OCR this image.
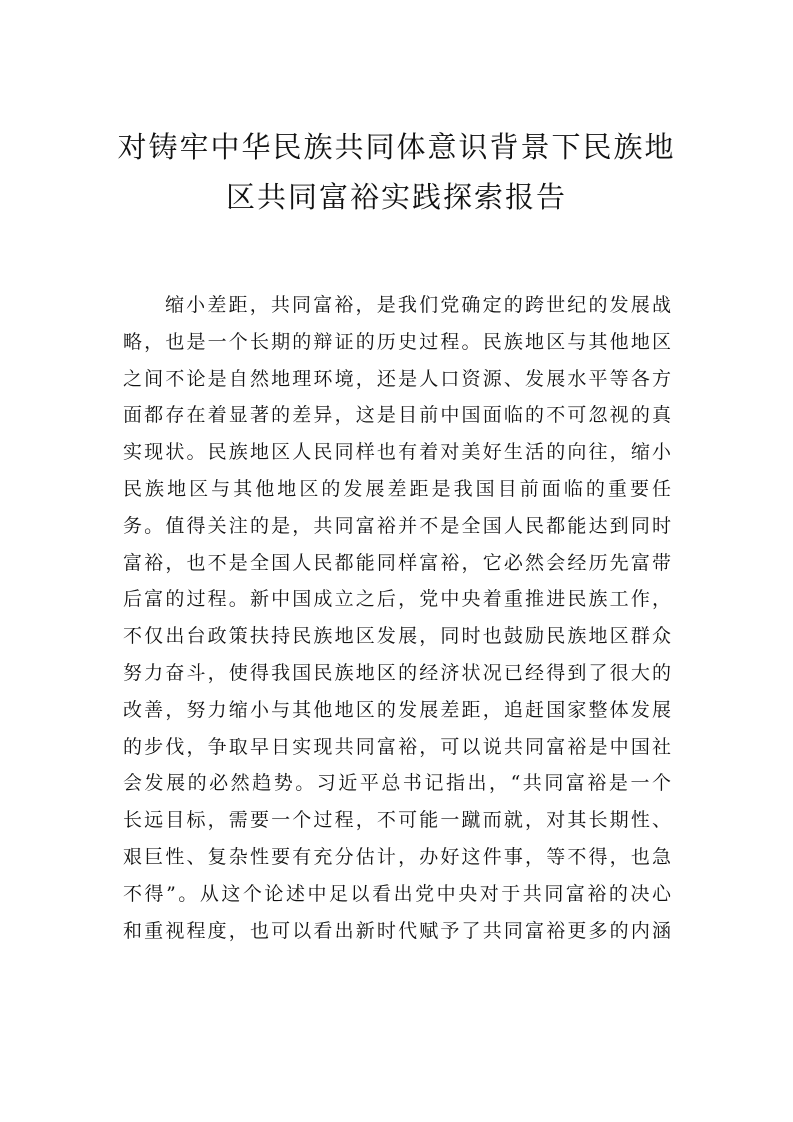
对铸牢中华民族共同体意识背景下民族地
区共同富裕实践探索报告
缩小差距，共同富裕，是我们党确定的跨世纪的发展战
略，也是一个长期的辩证的历史过程。民族地区与其他地区
之间不论是自然地理环境，还是人口资源、发展水平等各方
面都存在着显著的差异，这是目前中国面临的不可忽视的真
实现状。民族地区人民同样也有着对美好生活的向往，缩小
民族地区与其他地区的发展差距是我国目前面临的重要任
务。值得关注的是，共同富裕并不是全国人民都能达到同时
富裕，也不是全国人民都能同样富裕，它必然会经历先富带
后富的过程。新中国成立之后，党中央着重推进民族工作，
不仅出台政策扶持民族地区发展，同时也鼓励民族地区群众
努力奋斗，使得我国民族地区的经济状况已经得到了很大的
改善，努力缩小与其他地区的发展差距，追赶国家整体发展
的步伐，争取早日实现共同富裕，可以说共同富裕是中国社
会发展的必然趋势。习近平总书记指出，“共同富裕是一个
长远目标，需要一个过程，不可能一蹴而就，对其长期性、
艰巨性、复杂性要有充分估计，办好这件事，等不得，也急
不得”。从这个论述中足以看出党中央对于共同富裕的决心
和重视程度，也可以看出新时代赋予了共同富裕更多的内涵
